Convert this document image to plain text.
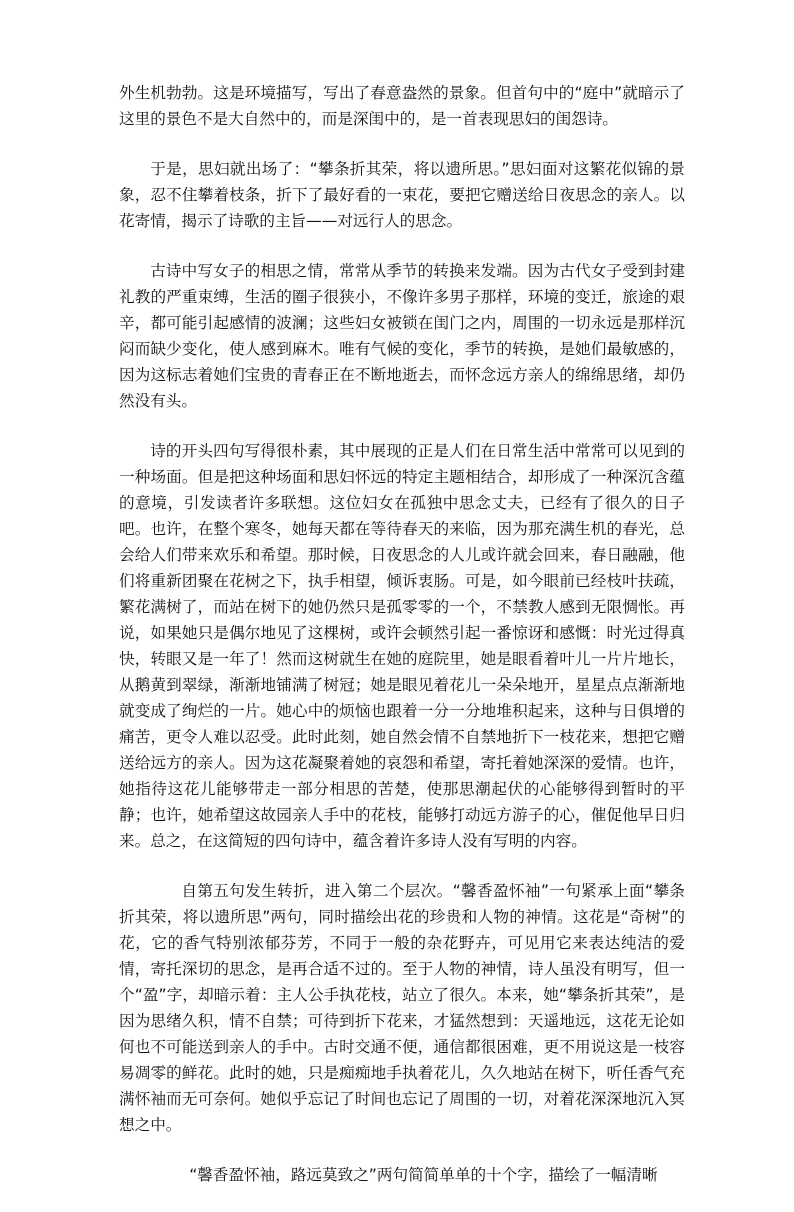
外生机勃勃。这是环境描写，写出了春意盎然的景象。但首句中的“庭中”就暗示了这里的景色不是大自然中的，而是深闺中的，是一首表现思妇的闺怨诗。

于是，思妇就出场了：“攀条折其荣，将以遗所思。”思妇面对这繁花似锦的景象，忍不住攀着枝条，折下了最好看的一束花，要把它赠送给日夜思念的亲人。以花寄情，揭示了诗歌的主旨——对远行人的思念。

古诗中写女子的相思之情，常常从季节的转换来发端。因为古代女子受到封建礼教的严重束缚，生活的圈子很狭小，不像许多男子那样，环境的变迁，旅途的艰辛，都可能引起感情的波澜；这些妇女被锁在闺门之内，周围的一切永远是那样沉闷而缺少变化，使人感到麻木。唯有气候的变化，季节的转换，是她们最敏感的，因为这标志着她们宝贵的青春正在不断地逝去，而怀念远方亲人的绵绵思绪，却仍然没有头。

诗的开头四句写得很朴素，其中展现的正是人们在日常生活中常常可以见到的一种场面。但是把这种场面和思妇怀远的特定主题相结合，却形成了一种深沉含蕴的意境，引发读者许多联想。这位妇女在孤独中思念丈夫，已经有了很久的日子吧。也许，在整个寒冬，她每天都在等待春天的来临，因为那充满生机的春光，总会给人们带来欢乐和希望。那时候，日夜思念的人儿或许就会回来，春日融融，他们将重新团聚在花树之下，执手相望，倾诉衷肠。可是，如今眼前已经枝叶扶疏，繁花满树了，而站在树下的她仍然只是孤零零的一个，不禁教人感到无限惆怅。再说，如果她只是偶尔地见了这棵树，或许会顿然引起一番惊讶和感慨：时光过得真快，转眼又是一年了！然而这树就生在她的庭院里，她是眼看着叶儿一片片地长，从鹅黄到翠绿，渐渐地铺满了树冠；她是眼见着花儿一朵朵地开，星星点点渐渐地就变成了绚烂的一片。她心中的烦恼也跟着一分一分地堆积起来，这种与日俱增的痛苦，更令人难以忍受。此时此刻，她自然会情不自禁地折下一枝花来，想把它赠送给远方的亲人。因为这花凝聚着她的哀怨和希望，寄托着她深深的爱情。也许，她指待这花儿能够带走一部分相思的苦楚，使那思潮起伏的心能够得到暂时的平静；也许，她希望这故园亲人手中的花枝，能够打动远方游子的心，催促他早日归来。总之，在这简短的四句诗中，蕴含着许多诗人没有写明的内容。

自第五句发生转折，进入第二个层次。“馨香盈怀袖”一句紧承上面“攀条折其荣，将以遗所思”两句，同时描绘出花的珍贵和人物的神情。这花是“奇树”的花，它的香气特别浓郁芬芳，不同于一般的杂花野卉，可见用它来表达纯洁的爱情，寄托深切的思念，是再合适不过的。至于人物的神情，诗人虽没有明写，但一个“盈”字，却暗示着：主人公手执花枝，站立了很久。本来，她“攀条折其荣”，是因为思绪久积，情不自禁；可待到折下花来，才猛然想到：天遥地远，这花无论如何也不可能送到亲人的手中。古时交通不便，通信都很困难，更不用说这是一枝容易凋零的鲜花。此时的她，只是痴痴地手执着花儿，久久地站在树下，听任香气充满怀袖而无可奈何。她似乎忘记了时间也忘记了周围的一切，对着花深深地沉入冥想之中。

“馨香盈怀袖，路远莫致之”两句简简单单的十个字，描绘了一幅清晰
